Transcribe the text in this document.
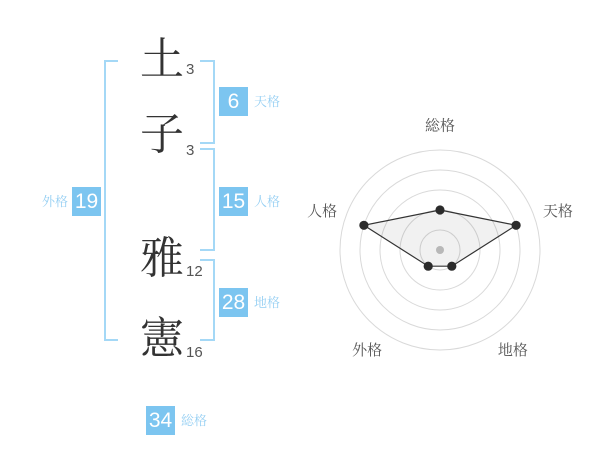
土
子
雅
憲
3
3
12
16
6	天格
19
外格	15 人格
28 地格
34 総格
総格
天格
地格
外格
人格
